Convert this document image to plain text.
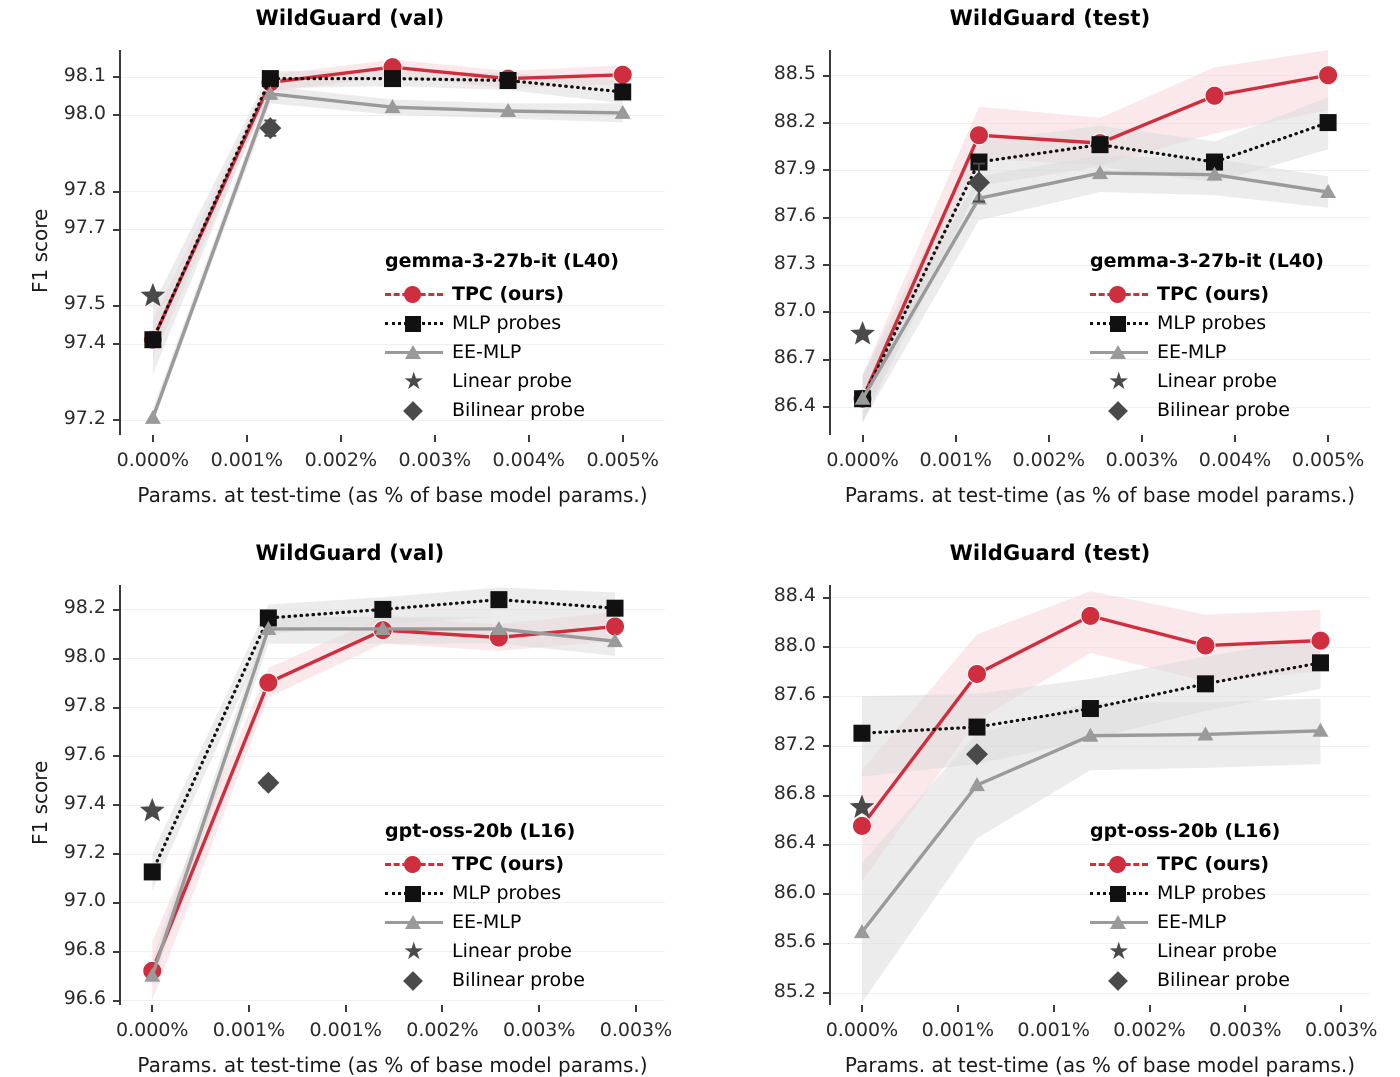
WildGuard (val)
97.2
97.4
97.5
97.7
97.8
98.0
98.1
0.000%	0.001%	0.002%	0.003%	0.004%	0.005%
Params. at test-time (as % of base model params.)
F1 score	gemma-3-27b-it (L40)
TPC (ours)
MLP probes
EE-MLP
★ Linear probe
Bilinear probe
WildGuard (test)
86.4
86.7
87.0
87.3
87.6
87.9
88.2
88.5
0.000%	0.001%	0.002%	0.003%	0.004%	0.005%
Params. at test-time (as % of base model params.)
gemma-3-27b-it (L40)
TPC (ours)
MLP probes
EE-MLP
★ Linear probe
Bilinear probe
WildGuard (val)
96.6
96.8
97.0
97.2
97.4
97.6
97.8
98.0
98.2
0.000%	0.001%	0.001%	0.002%	0.003%	0.003%
Params. at test-time (as % of base model params.)
F1 score	gpt-oss-20b (L16)
TPC (ours)
MLP probes
EE-MLP
★ Linear probe
Bilinear probe
WildGuard (test)
85.2
85.6
86.0
86.4
86.8
87.2
87.6
88.0
88.4
0.000%	0.001%	0.001%	0.002%	0.003%	0.003%
Params. at test-time (as % of base model params.)
gpt-oss-20b (L16)
TPC (ours)
MLP probes
EE-MLP
★ Linear probe
Bilinear probe
